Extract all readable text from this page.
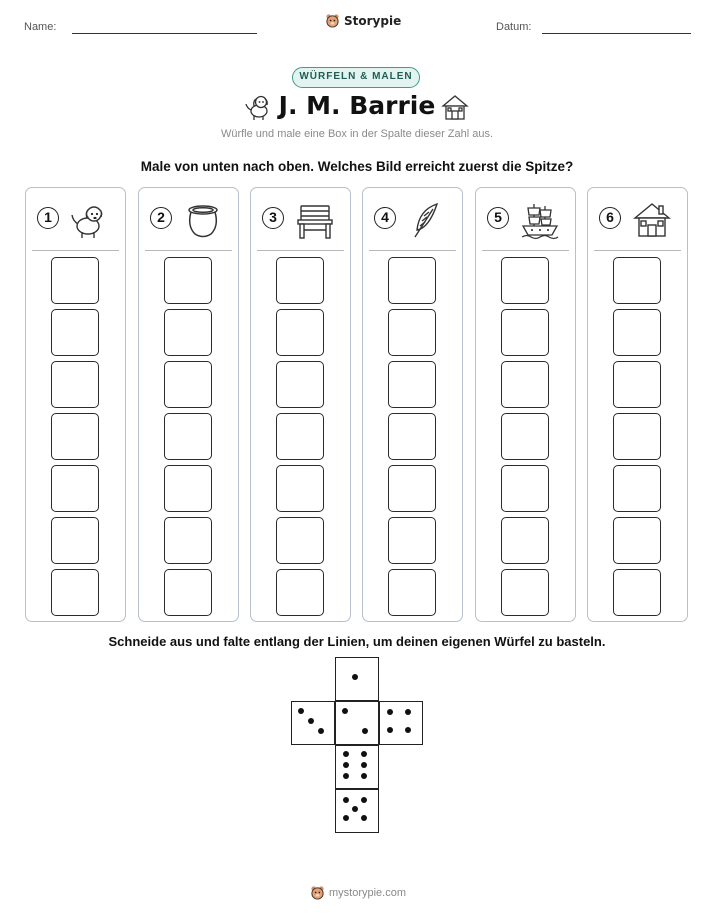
Name:	Storypie	Datum:
WÜRFELN & MALEN
J. M. Barrie
Würfle und male eine Box in der Spalte dieser Zahl aus.
Male von unten nach oben. Welches Bild erreicht zuerst die Spitze?
1	2	3	4	5	6
Schneide aus und falte entlang der Linien, um deinen eigenen Würfel zu basteln.
mystorypie.com
